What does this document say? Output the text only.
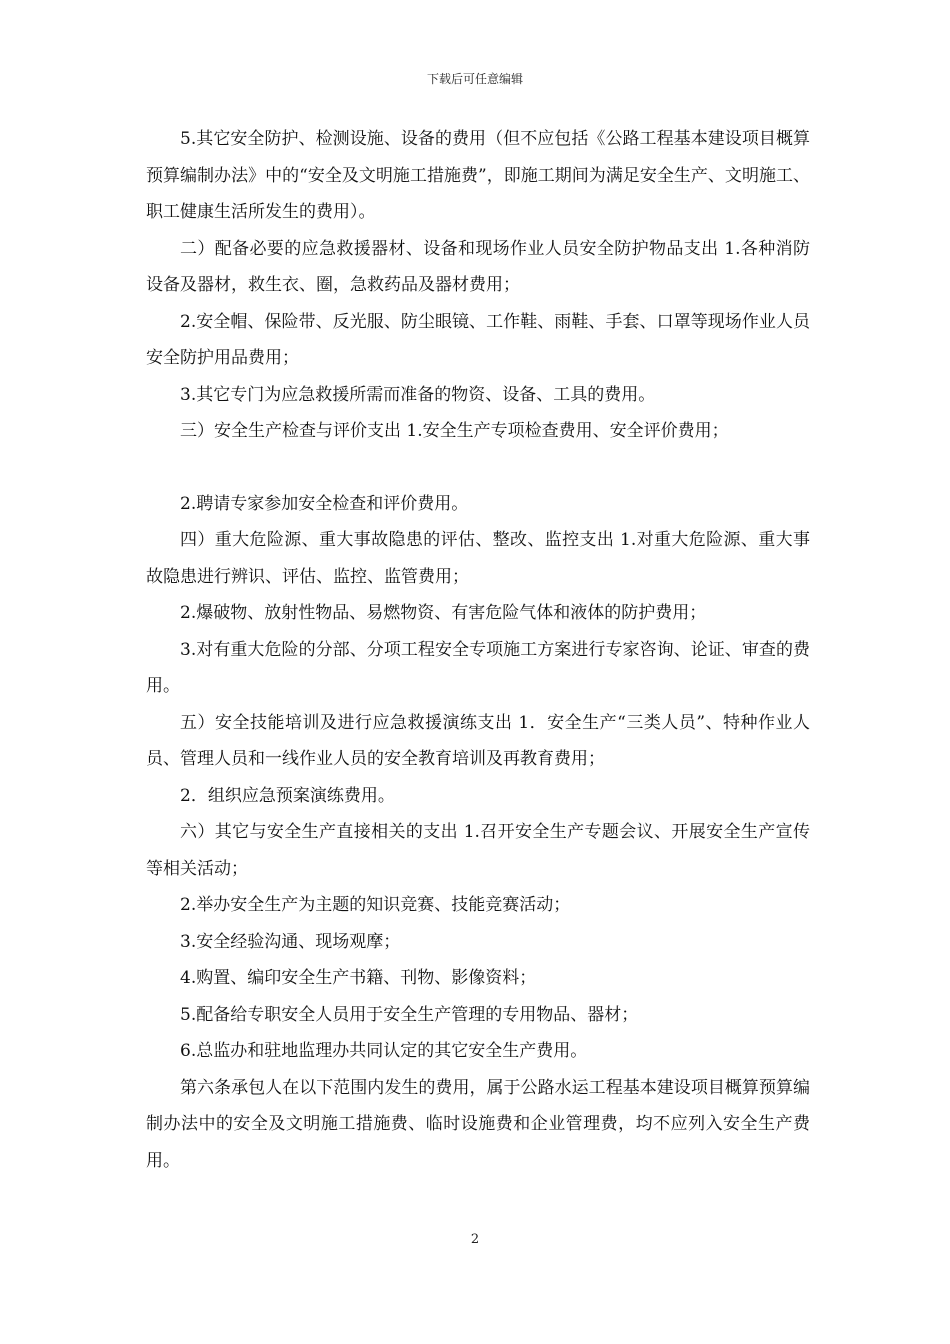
下载后可任意编辑

5.其它安全防护、检测设施、设备的费用（但不应包括《公路工程基本建设项目概算预算编制办法》中的“安全及文明施工措施费”，即施工期间为满足安全生产、文明施工、职工健康生活所发生的费用）。

二）配备必要的应急救援器材、设备和现场作业人员安全防护物品支出 1.各种消防设备及器材，救生衣、圈，急救药品及器材费用；

2.安全帽、保险带、反光服、防尘眼镜、工作鞋、雨鞋、手套、口罩等现场作业人员安全防护用品费用；

3.其它专门为应急救援所需而准备的物资、设备、工具的费用。

三）安全生产检查与评价支出 1.安全生产专项检查费用、安全评价费用；

2.聘请专家参加安全检查和评价费用。

四）重大危险源、重大事故隐患的评估、整改、监控支出 1.对重大危险源、重大事故隐患进行辨识、评估、监控、监管费用；

2.爆破物、放射性物品、易燃物资、有害危险气体和液体的防护费用；

3.对有重大危险的分部、分项工程安全专项施工方案进行专家咨询、论证、审查的费用。

五）安全技能培训及进行应急救援演练支出 1．安全生产“三类人员”、特种作业人员、管理人员和一线作业人员的安全教育培训及再教育费用；

2．组织应急预案演练费用。

六）其它与安全生产直接相关的支出 1.召开安全生产专题会议、开展安全生产宣传等相关活动；

2.举办安全生产为主题的知识竞赛、技能竞赛活动；

3.安全经验沟通、现场观摩；

4.购置、编印安全生产书籍、刊物、影像资料；

5.配备给专职安全人员用于安全生产管理的专用物品、器材；

6.总监办和驻地监理办共同认定的其它安全生产费用。

第六条承包人在以下范围内发生的费用，属于公路水运工程基本建设项目概算预算编制办法中的安全及文明施工措施费、临时设施费和企业管理费，均不应列入安全生产费用。

2
